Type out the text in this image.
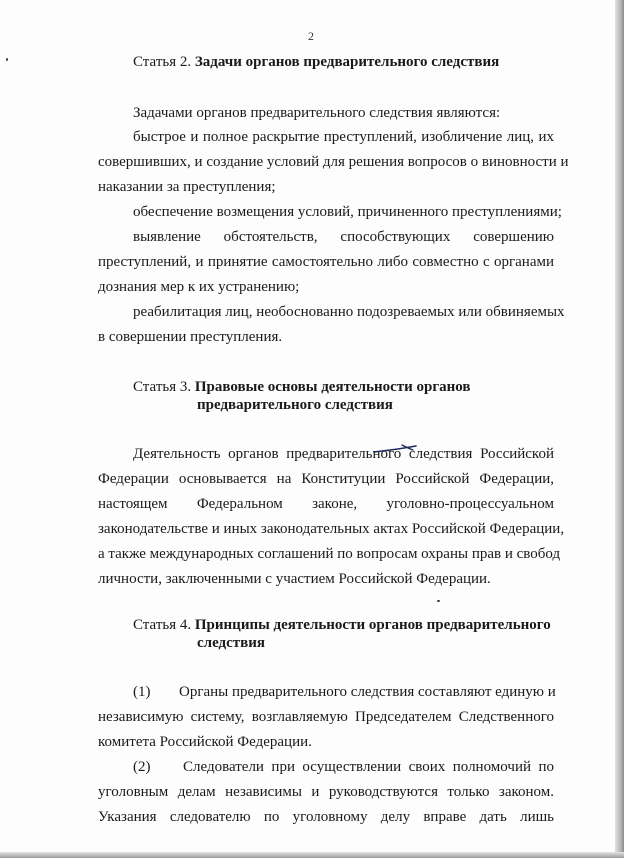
2
Статья 2. Задачи органов предварительного следствия
Задачами органов предварительного следствия являются:
быстрое и полное раскрытие преступлений, изобличение лиц, их
совершивших, и создание условий для решения вопросов о виновности и
наказании за преступления;
обеспечение возмещения условий, причиненного преступлениями;
выявление обстоятельств, способствующих совершению
преступлений, и принятие самостоятельно либо совместно с органами
дознания мер к их устранению;
реабилитация лиц, необоснованно подозреваемых или обвиняемых
в совершении преступления.
Статья 3. Правовые основы деятельности органов
предварительного следствия
Деятельность органов предварительного следствия Российской
Федерации основывается на Конституции Российской Федерации,
настоящем Федеральном законе, уголовно-процессуальном
законодательстве и иных законодательных актах Российской Федерации,
а также международных соглашений по вопросам охраны прав и свобод
личности, заключенными с участием Российской Федерации.
Статья 4. Принципы деятельности органов предварительного
следствия
(1) Органы предварительного следствия составляют единую и
независимую систему, возглавляемую Председателем Следственного
комитета Российской Федерации.
(2) Следователи при осуществлении своих полномочий по
уголовным делам независимы и руководствуются только законом.
Указания следователю по уголовному делу вправе дать лишь
